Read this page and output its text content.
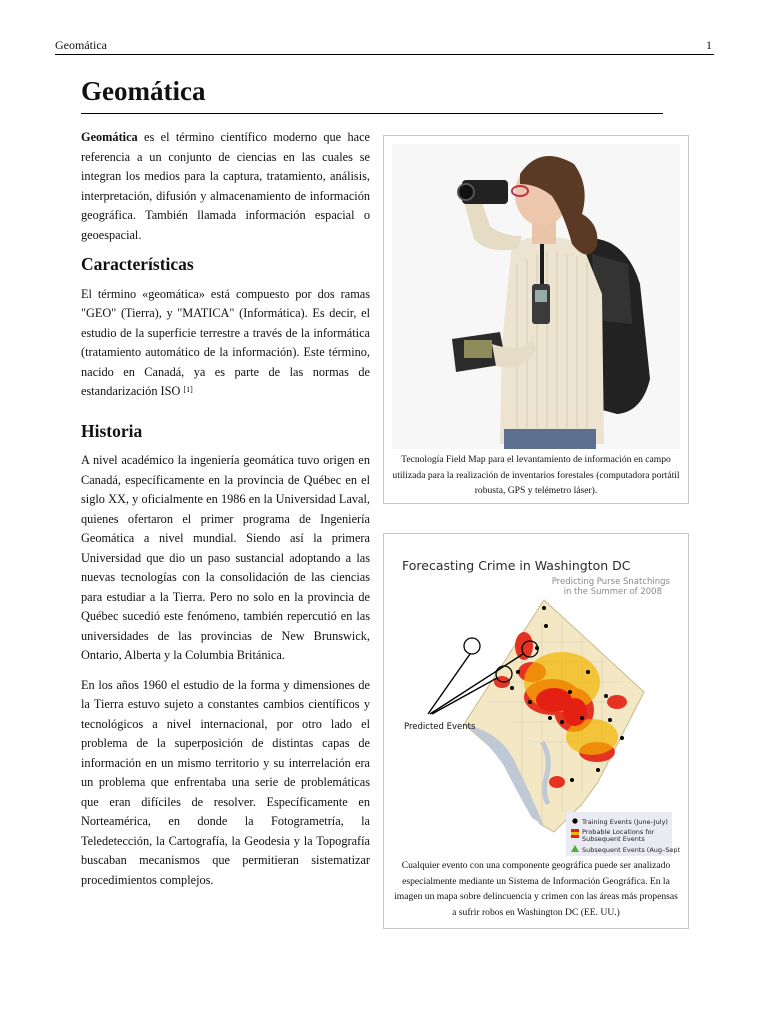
Geomática	1
Geomática

Geomática es el término científico moderno que hace referencia a un conjunto de ciencias en las cuales se integran los medios para la captura, tratamiento, análisis, interpretación, difusión y almacenamiento de información geográfica. También llamada información espacial o geoespacial.

Características

El término «geomática» está compuesto por dos ramas "GEO" (Tierra), y "MATICA" (Informática). Es decir, el estudio de la superficie terrestre a través de la informática (tratamiento automático de la información). Este término, nacido en Canadá, ya es parte de las normas de estandarización ISO [1]

Historia

A nivel académico la ingeniería geomática tuvo origen en Canadá, específicamente en la provincia de Québec en el siglo XX, y oficialmente en 1986 en la Universidad Laval, quienes ofertaron el primer programa de Ingeniería Geomática a nivel mundial. Siendo así la primera Universidad que dio un paso sustancial adoptando a las nuevas tecnologías con la consolidación de las ciencias para estudiar a la Tierra. Pero no solo en la provincia de Québec sucedió este fenómeno, también repercutió en las universidades de las provincias de New Brunswick, Ontario, Alberta y la Columbia Británica.

En los años 1960 el estudio de la forma y dimensiones de la Tierra estuvo sujeto a constantes cambios científicos y tecnológicos a nivel internacional, por otro lado el problema de la superposición de distintas capas de información en un mismo territorio y su interrelación era un problema que enfrentaba una serie de problemáticas que eran difíciles de resolver. Específicamente en Norteamérica, en donde la Fotogrametría, la Teledetección, la Cartografía, la Geodesia y la Topografía buscaban mecanismos que permitieran sistematizar procedimientos complejos.

Tecnología Field Map para el levantamiento de información en campo utilizada para la realización de inventarios forestales (computadora portátil robusta, GPS y telémetro láser).
Forecasting Crime in Washington DC
Predicting Purse Snatchings
in the Summer of 2008
Predicted Events
Training Events (June–July)
Probable Locations for
Subsequent Events
Subsequent Events (Aug–Sept)
Cualquier evento con una componente geográfica puede ser analizado especialmente mediante un Sistema de Información Geográfica. En la imagen un mapa sobre delincuencia y crimen con las áreas más propensas a sufrir robos en Washington DC (EE. UU.)
